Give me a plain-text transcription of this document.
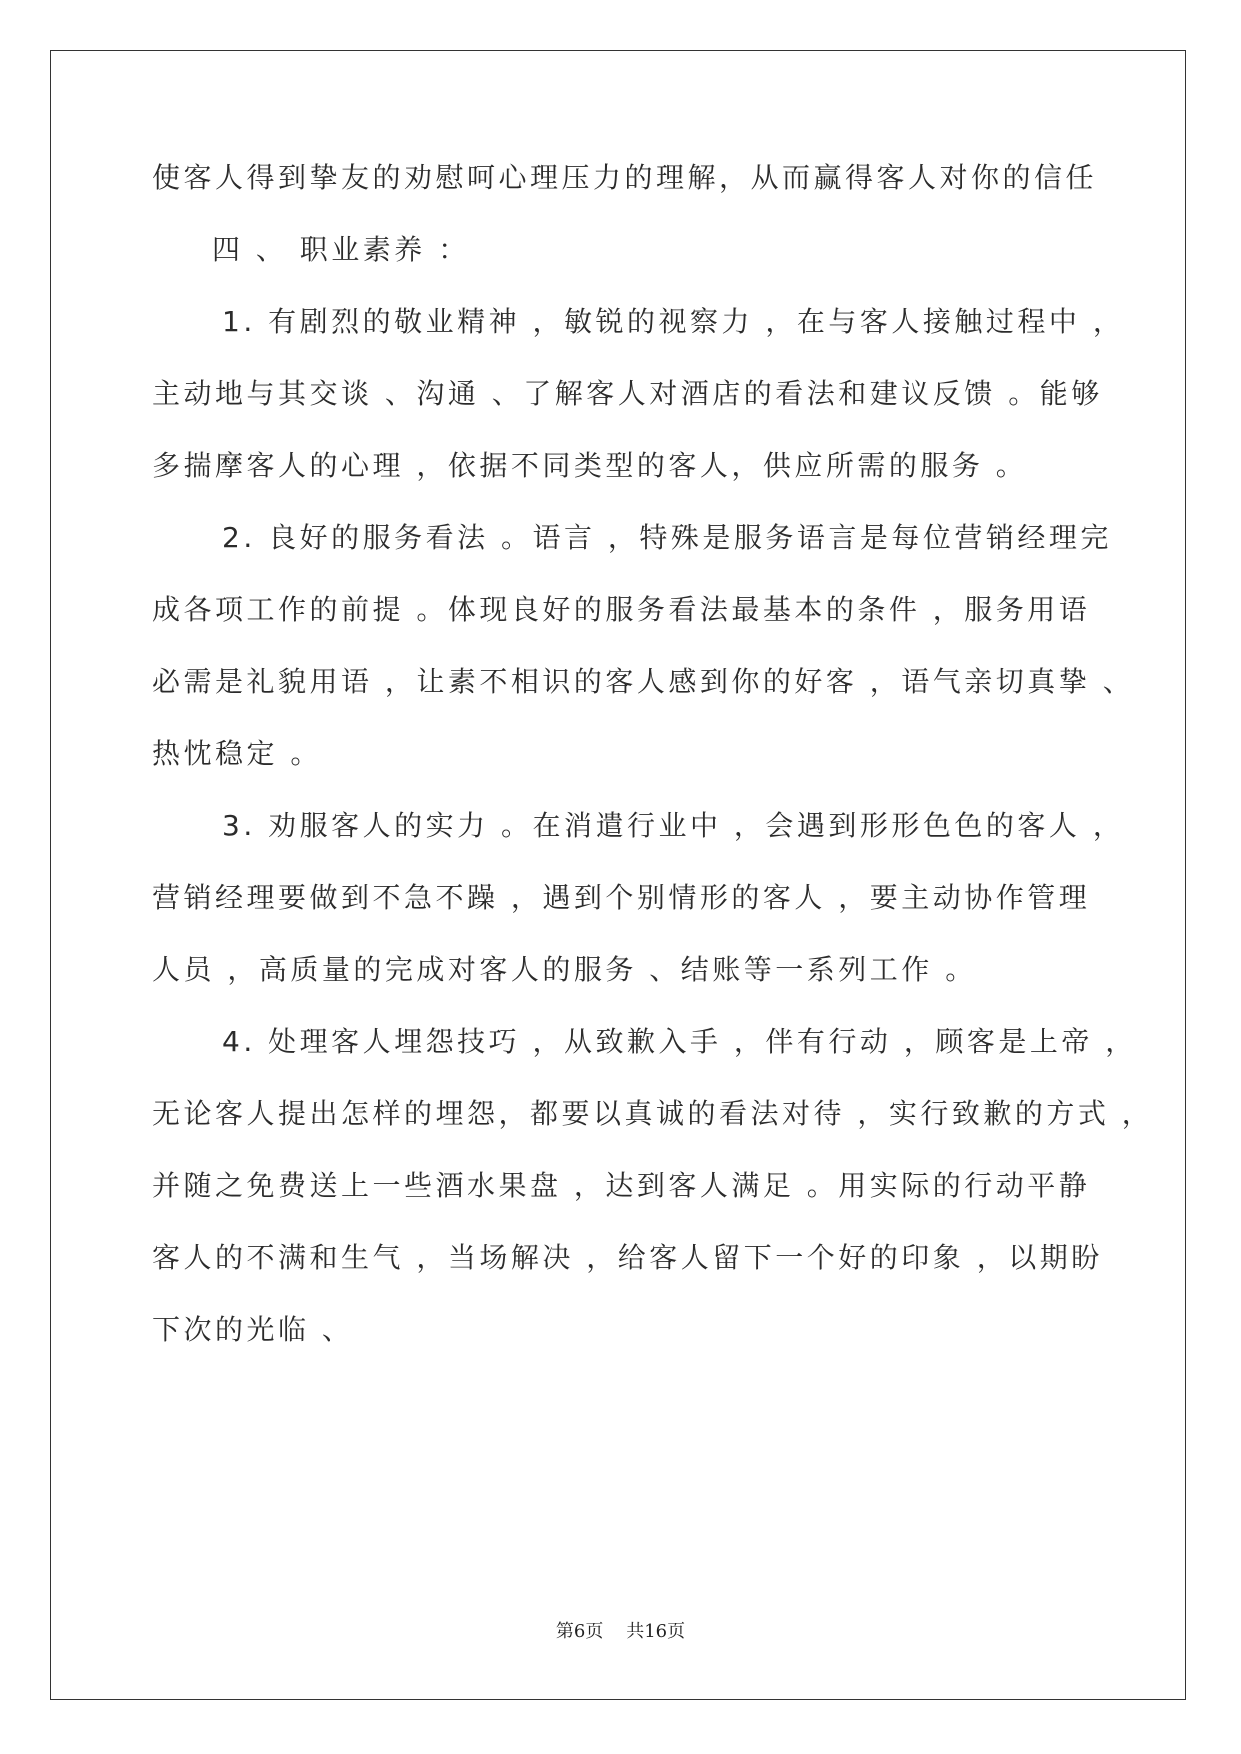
使客人得到挚友的劝慰呵心理压力的理解，从而赢得客人对你的信任
四 、 职业素养 ：
1. 有剧烈的敬业精神 ，敏锐的视察力 ，在与客人接触过程中 ，
主动地与其交谈 、沟通 、了解客人对酒店的看法和建议反馈 。能够
多揣摩客人的心理 ，依据不同类型的客人，供应所需的服务 。
2. 良好的服务看法 。语言 ，特殊是服务语言是每位营销经理完
成各项工作的前提 。体现良好的服务看法最基本的条件 ，服务用语
必需是礼貌用语 ，让素不相识的客人感到你的好客 ，语气亲切真挚 、
热忱稳定 。
3. 劝服客人的实力 。在消遣行业中 ，会遇到形形色色的客人 ，
营销经理要做到不急不躁 ，遇到个别情形的客人 ，要主动协作管理
人员 ，高质量的完成对客人的服务 、结账等一系列工作 。
4. 处理客人埋怨技巧 ，从致歉入手 ，伴有行动 ，顾客是上帝 ，
无论客人提出怎样的埋怨，都要以真诚的看法对待 ，实行致歉的方式 ，
并随之免费送上一些酒水果盘 ，达到客人满足 。用实际的行动平静
客人的不满和生气 ，当场解决 ，给客人留下一个好的印象 ，以期盼
下次的光临 、
第6页 共16页
